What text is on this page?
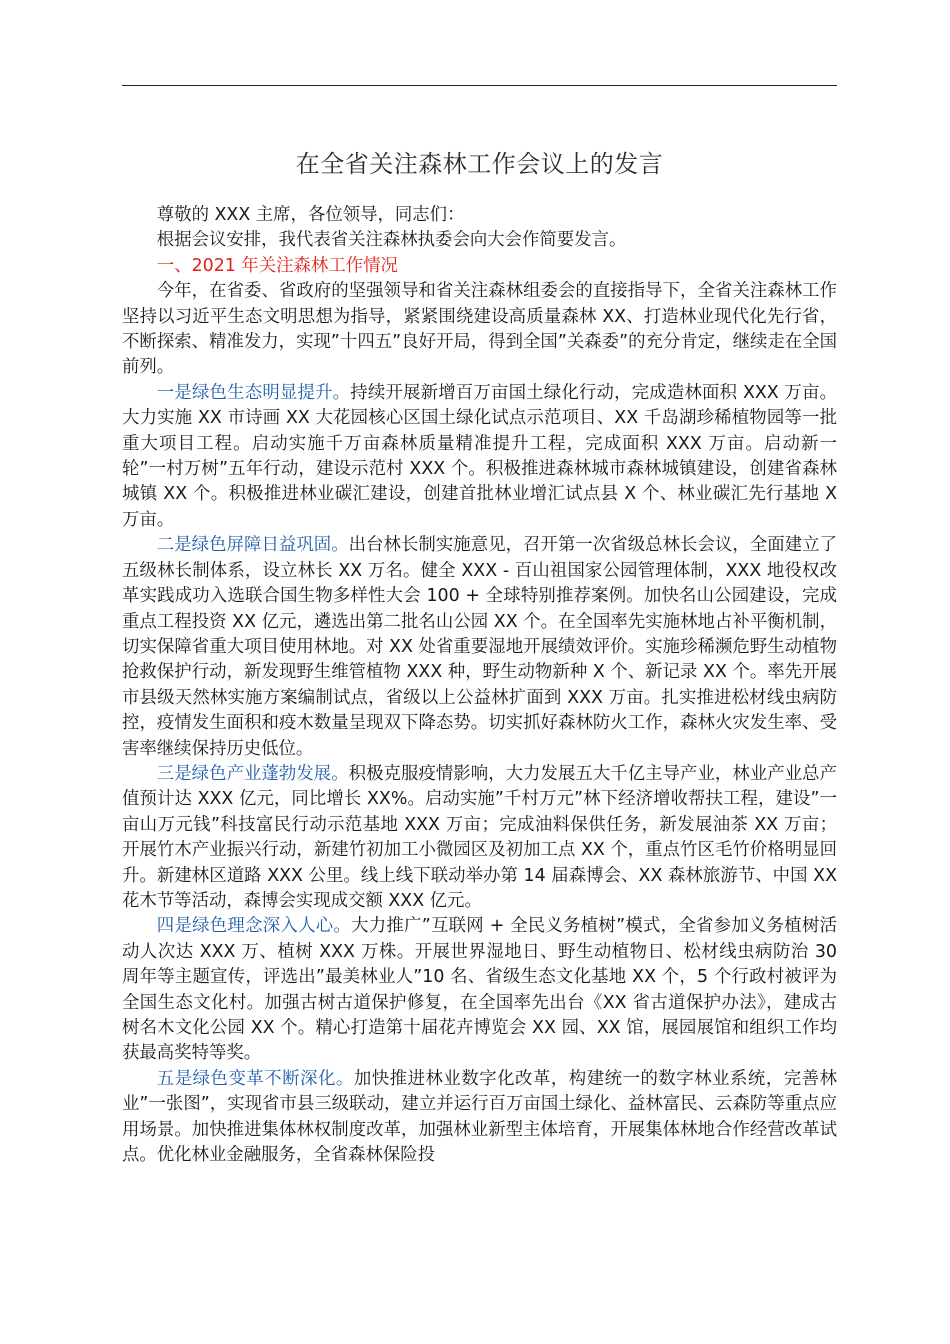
在全省关注森林工作会议上的发言

尊敬的 XXX 主席，各位领导，同志们：

根据会议安排，我代表省关注森林执委会向大会作简要发言。

一、2021 年关注森林工作情况

今年，在省委、省政府的坚强领导和省关注森林组委会的直接指导下，全省关注森林工作坚持以习近平生态文明思想为指导，紧紧围绕建设高质量森林 XX、打造林业现代化先行省，不断探索、精准发力，实现”十四五”良好开局，得到全国”关森委”的充分肯定，继续走在全国前列。

一是绿色生态明显提升。持续开展新增百万亩国土绿化行动，完成造林面积 XXX 万亩。大力实施 XX 市诗画 XX 大花园核心区国土绿化试点示范项目、XX 千岛湖珍稀植物园等一批重大项目工程。启动实施千万亩森林质量精准提升工程，完成面积 XXX 万亩。启动新一轮”一村万树”五年行动，建设示范村 XXX 个。积极推进森林城市森林城镇建设，创建省森林城镇 XX 个。积极推进林业碳汇建设，创建首批林业增汇试点县 X 个、林业碳汇先行基地 X 万亩。

二是绿色屏障日益巩固。出台林长制实施意见，召开第一次省级总林长会议，全面建立了五级林长制体系，设立林长 XX 万名。健全 XXX - 百山祖国家公园管理体制，XXX 地役权改革实践成功入选联合国生物多样性大会 100 + 全球特别推荐案例。加快名山公园建设，完成重点工程投资 XX 亿元，遴选出第二批名山公园 XX 个。在全国率先实施林地占补平衡机制，切实保障省重大项目使用林地。对 XX 处省重要湿地开展绩效评价。实施珍稀濒危野生动植物抢救保护行动，新发现野生维管植物 XXX 种，野生动物新种 X 个、新记录 XX 个。率先开展市县级天然林实施方案编制试点，省级以上公益林扩面到 XXX 万亩。扎实推进松材线虫病防控，疫情发生面积和疫木数量呈现双下降态势。切实抓好森林防火工作，森林火灾发生率、受害率继续保持历史低位。

三是绿色产业蓬勃发展。积极克服疫情影响，大力发展五大千亿主导产业，林业产业总产值预计达 XXX 亿元，同比增长 XX%。启动实施”千村万元”林下经济增收帮扶工程，建设”一亩山万元钱”科技富民行动示范基地 XXX 万亩；完成油料保供任务，新发展油茶 XX 万亩；开展竹木产业振兴行动，新建竹初加工小微园区及初加工点 XX 个，重点竹区毛竹价格明显回升。新建林区道路 XXX 公里。线上线下联动举办第 14 届森博会、XX 森林旅游节、中国 XX 花木节等活动，森博会实现成交额 XXX 亿元。

四是绿色理念深入人心。大力推广”互联网 + 全民义务植树”模式，全省参加义务植树活动人次达 XXX 万、植树 XXX 万株。开展世界湿地日、野生动植物日、松材线虫病防治 30 周年等主题宣传，评选出”最美林业人”10 名、省级生态文化基地 XX 个，5 个行政村被评为全国生态文化村。加强古树古道保护修复，在全国率先出台《XX 省古道保护办法》，建成古树名木文化公园 XX 个。精心打造第十届花卉博览会 XX 园、XX 馆，展园展馆和组织工作均获最高奖特等奖。

五是绿色变革不断深化。加快推进林业数字化改革，构建统一的数字林业系统，完善林业”一张图”，实现省市县三级联动，建立并运行百万亩国土绿化、益林富民、云森防等重点应用场景。加快推进集体林权制度改革，加强林业新型主体培育，开展集体林地合作经营改革试点。优化林业金融服务，全省森林保险投
